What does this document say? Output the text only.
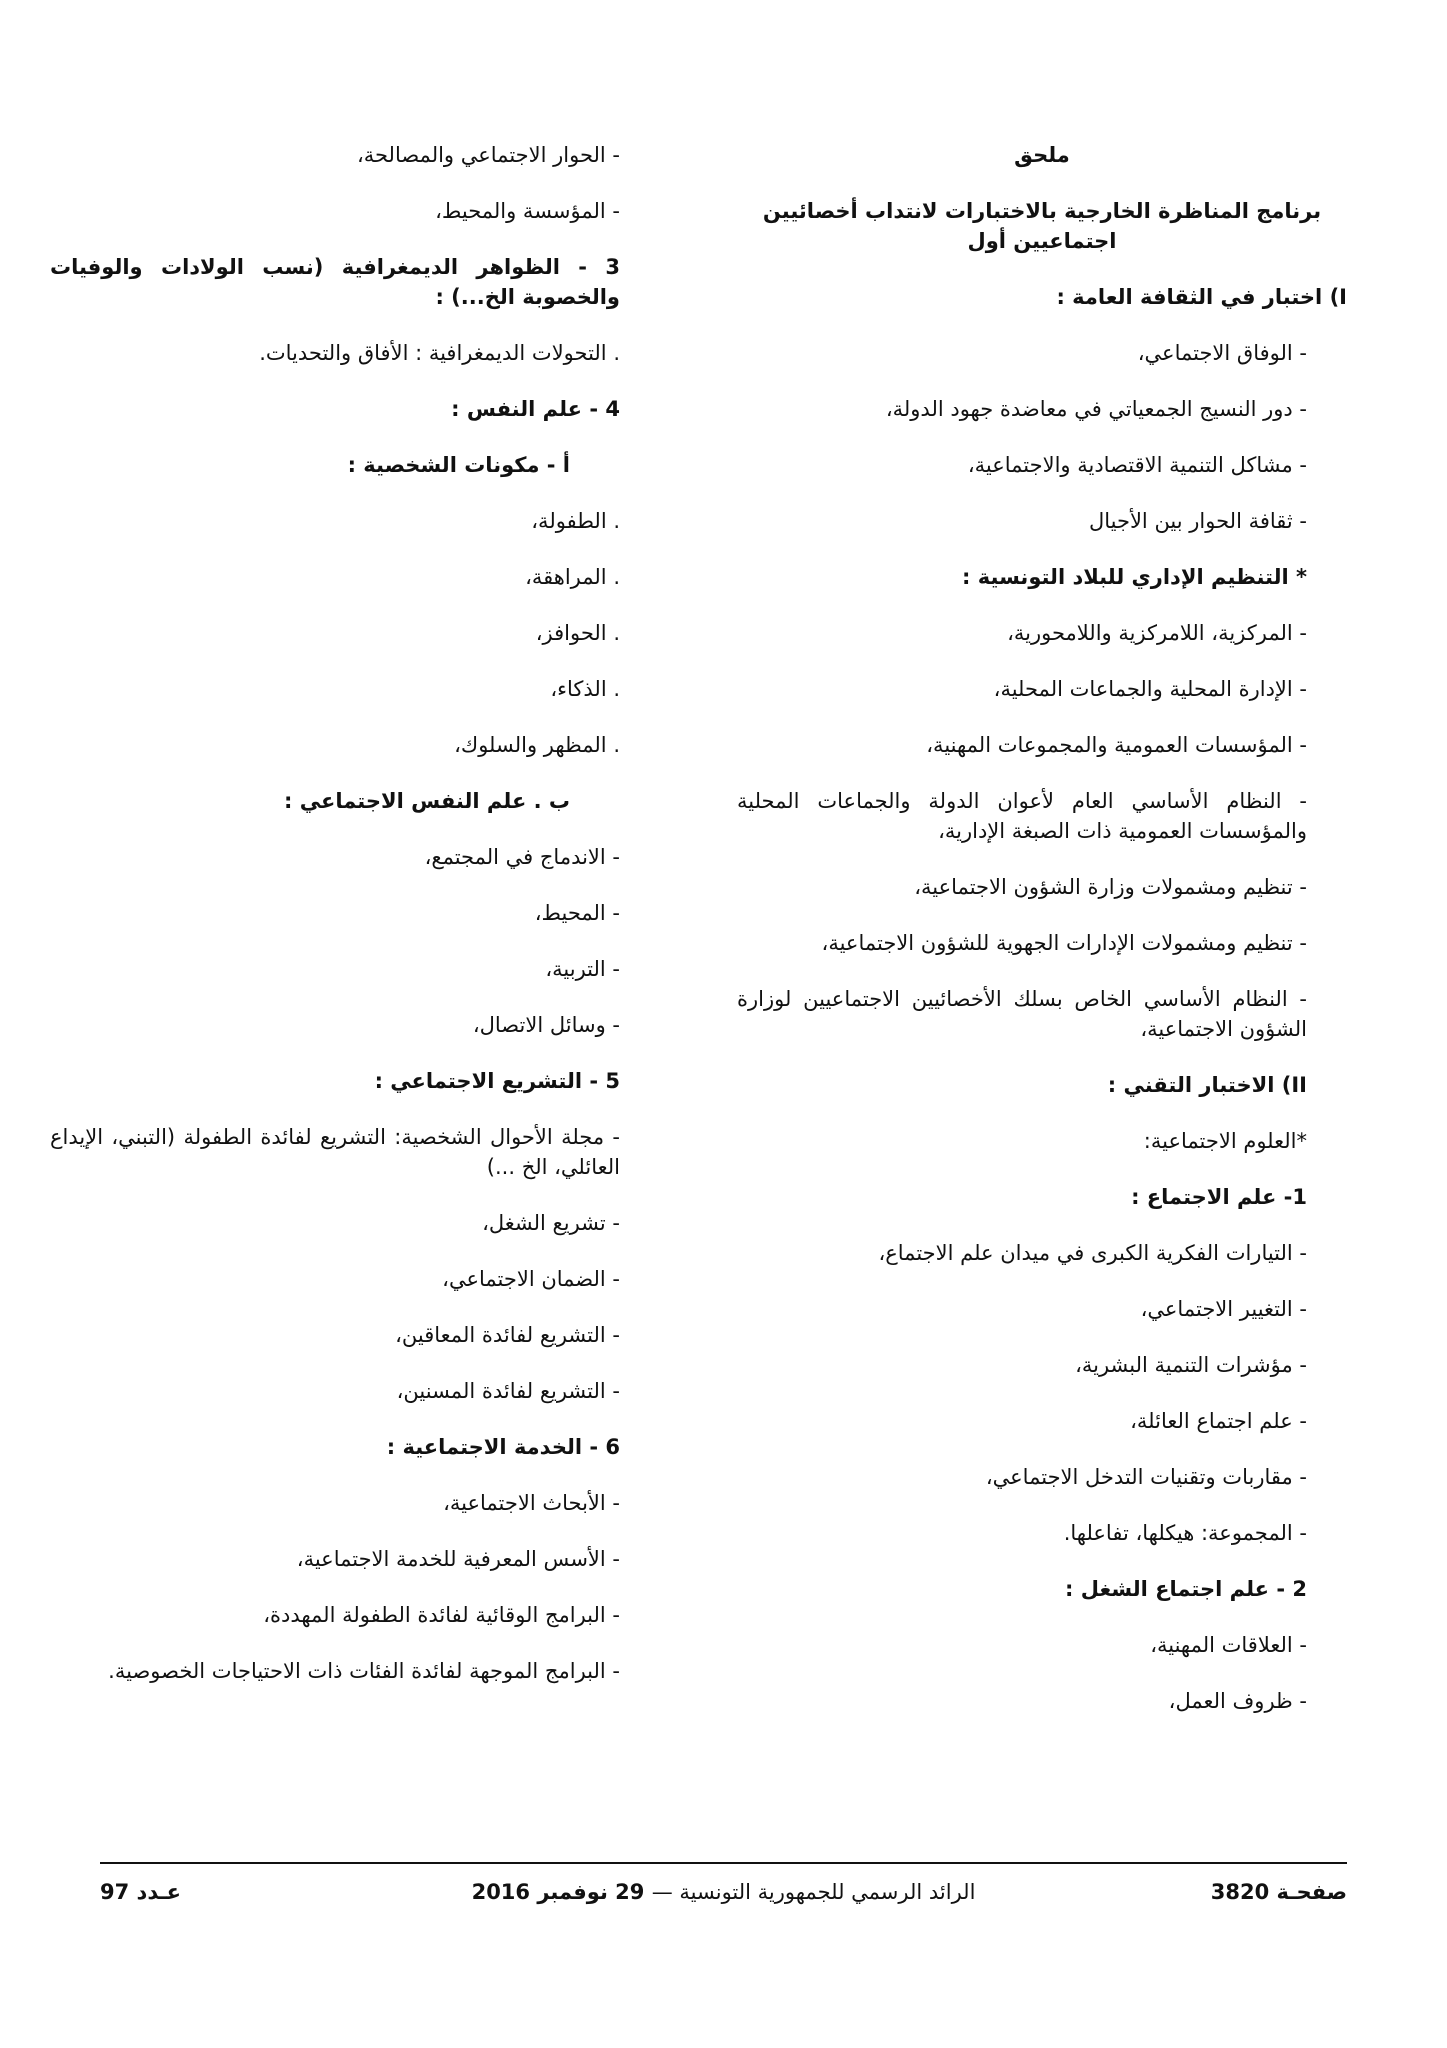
ملحق
برنامج المناظرة الخارجية بالاختبارات لانتداب أخصائيين اجتماعيين أول
I) اختبار في الثقافة العامة :
- الوفاق الاجتماعي،
- دور النسيج الجمعياتي في معاضدة جهود الدولة،
- مشاكل التنمية الاقتصادية والاجتماعية،
- ثقافة الحوار بين الأجيال
* التنظيم الإداري للبلاد التونسية :
- المركزية، اللامركزية واللامحورية،
- الإدارة المحلية والجماعات المحلية،
- المؤسسات العمومية والمجموعات المهنية،
- النظام الأساسي العام لأعوان الدولة والجماعات المحلية والمؤسسات العمومية ذات الصبغة الإدارية،
- تنظيم ومشمولات وزارة الشؤون الاجتماعية،
- تنظيم ومشمولات الإدارات الجهوية للشؤون الاجتماعية،
- النظام الأساسي الخاص بسلك الأخصائيين الاجتماعيين لوزارة الشؤون الاجتماعية،
II) الاختبار التقني :
*العلوم الاجتماعية:
1- علم الاجتماع :
- التيارات الفكرية الكبرى في ميدان علم الاجتماع،
- التغيير الاجتماعي،
- مؤشرات التنمية البشرية،
- علم اجتماع العائلة،
- مقاربات وتقنيات التدخل الاجتماعي،
- المجموعة: هيكلها، تفاعلها.
2 - علم اجتماع الشغل :
- العلاقات المهنية،
- ظروف العمل،
- الحوار الاجتماعي والمصالحة،
- المؤسسة والمحيط،
3 - الظواهر الديمغرافية (نسب الولادات والوفيات والخصوبة الخ...) :
. التحولات الديمغرافية : الأفاق والتحديات.
4 - علم النفس :
أ - مكونات الشخصية :
. الطفولة،
. المراهقة،
. الحوافز،
. الذكاء،
. المظهر والسلوك،
ب . علم النفس الاجتماعي :
- الاندماج في المجتمع،
- المحيط،
- التربية،
- وسائل الاتصال،
5 - التشريع الاجتماعي :
- مجلة الأحوال الشخصية: التشريع لفائدة الطفولة (التبني، الإيداع العائلي، الخ ...)
- تشريع الشغل،
- الضمان الاجتماعي،
- التشريع لفائدة المعاقين،
- التشريع لفائدة المسنين،
6 - الخدمة الاجتماعية :
- الأبحاث الاجتماعية،
- الأسس المعرفية للخدمة الاجتماعية،
- البرامج الوقائية لفائدة الطفولة المهددة،
- البرامج الموجهة لفائدة الفئات ذات الاحتياجات الخصوصية.
صفحـة 3820
الرائد الرسمي للجمهورية التونسية — 29 نوفمبر 2016
عـدد 97
